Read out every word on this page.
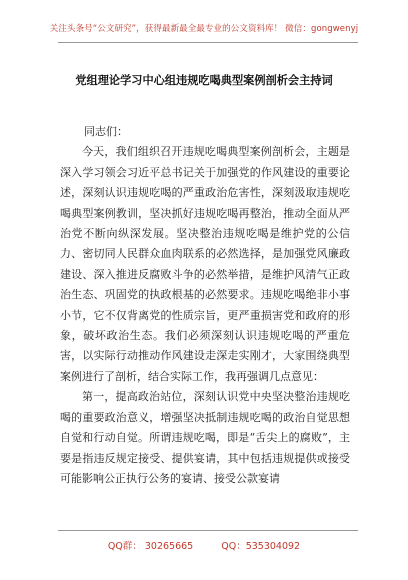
关注头条号“公文研究”，获得最新最全最专业的公文资料库！ 微信：gongwenyj
党组理论学习中心组违规吃喝典型案例剖析会主持词

同志们：

今天，我们组织召开违规吃喝典型案例剖析会，主题是深入学习领会习近平总书记关于加强党的作风建设的重要论述，深刻认识违规吃喝的严重政治危害性，深刻汲取违规吃喝典型案例教训，坚决抓好违规吃喝再整治，推动全面从严治党不断向纵深发展。坚决整治违规吃喝是维护党的公信力、密切同人民群众血肉联系的必然选择，是加强党风廉政建设、深入推进反腐败斗争的必然举措，是维护风清气正政治生态、巩固党的执政根基的必然要求。违规吃喝绝非小事小节，它不仅背离党的性质宗旨，更严重损害党和政府的形象，破坏政治生态。我们必须深刻认识违规吃喝的严重危害，以实际行动推动作风建设走深走实刚才，大家围绕典型案例进行了剖析，结合实际工作，我再强调几点意见：

第一，提高政治站位，深刻认识党中央坚决整治违规吃喝的重要政治意义，增强坚决抵制违规吃喝的政治自觉思想自觉和行动自觉。所谓违规吃喝，即是“舌尖上的腐败”，主要是指违反规定接受、提供宴请，其中包括违规提供或接受可能影响公正执行公务的宴请、接受公款宴请

QQ群： 30265665	QQ：535304092
